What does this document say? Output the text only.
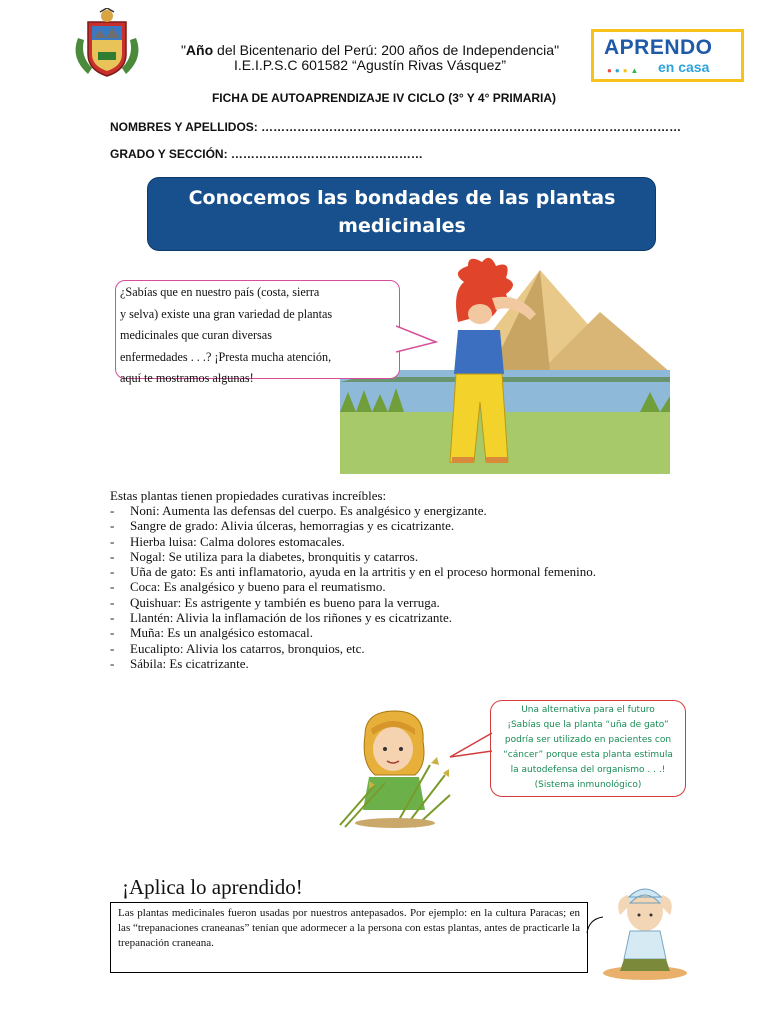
"Año del Bicentenario del Perú: 200 años de Independencia"
I.E.I.P.S.C 601582 “Agustín Rivas Vásquez”
APRENDO
●●●▲ en casa
FICHA DE AUTOAPRENDIZAJE IV CICLO (3° Y 4° PRIMARIA)
NOMBRES Y APELLIDOS: ……………………………………………………………………………………………
GRADO Y SECCIÓN: …………………………………………
Conocemos las bondades de las plantas
medicinales
¿Sabías que en nuestro país (costa, sierra
y selva) existe una gran variedad de plantas
medicinales que curan diversas
enfermedades . . .? ¡Presta mucha atención,
aquí te mostramos algunas!
Estas plantas tienen propiedades curativas increíbles:
- Noni: Aumenta las defensas del cuerpo. Es analgésico y energizante.
- Sangre de grado: Alivia úlceras, hemorragias y es cicatrizante.
- Hierba luisa: Calma dolores estomacales.
- Nogal: Se utiliza para la diabetes, bronquitis y catarros.
- Uña de gato: Es anti inflamatorio, ayuda en la artritis y en el proceso hormonal femenino.
- Coca: Es analgésico y bueno para el reumatismo.
- Quishuar: Es astrigente y también es bueno para la verruga.
- Llantén: Alivia la inflamación de los riñones y es cicatrizante.
- Muña: Es un analgésico estomacal.
- Eucalipto: Alivia los catarros, bronquios, etc.
- Sábila: Es cicatrizante.
Una alternativa para el futuro
¡Sabías que la planta “uña de gato”
podría ser utilizado en pacientes con
“cáncer” porque esta planta estimula
la autodefensa del organismo . . .!
(Sistema inmunológico)
¡Aplica lo aprendido!
Las plantas medicinales fueron usadas por nuestros antepasados. Por ejemplo: en la cultura Paracas; en las “trepanaciones craneanas” tenían que adormecer a la persona con estas plantas, antes de practicarle la trepanación craneana.
